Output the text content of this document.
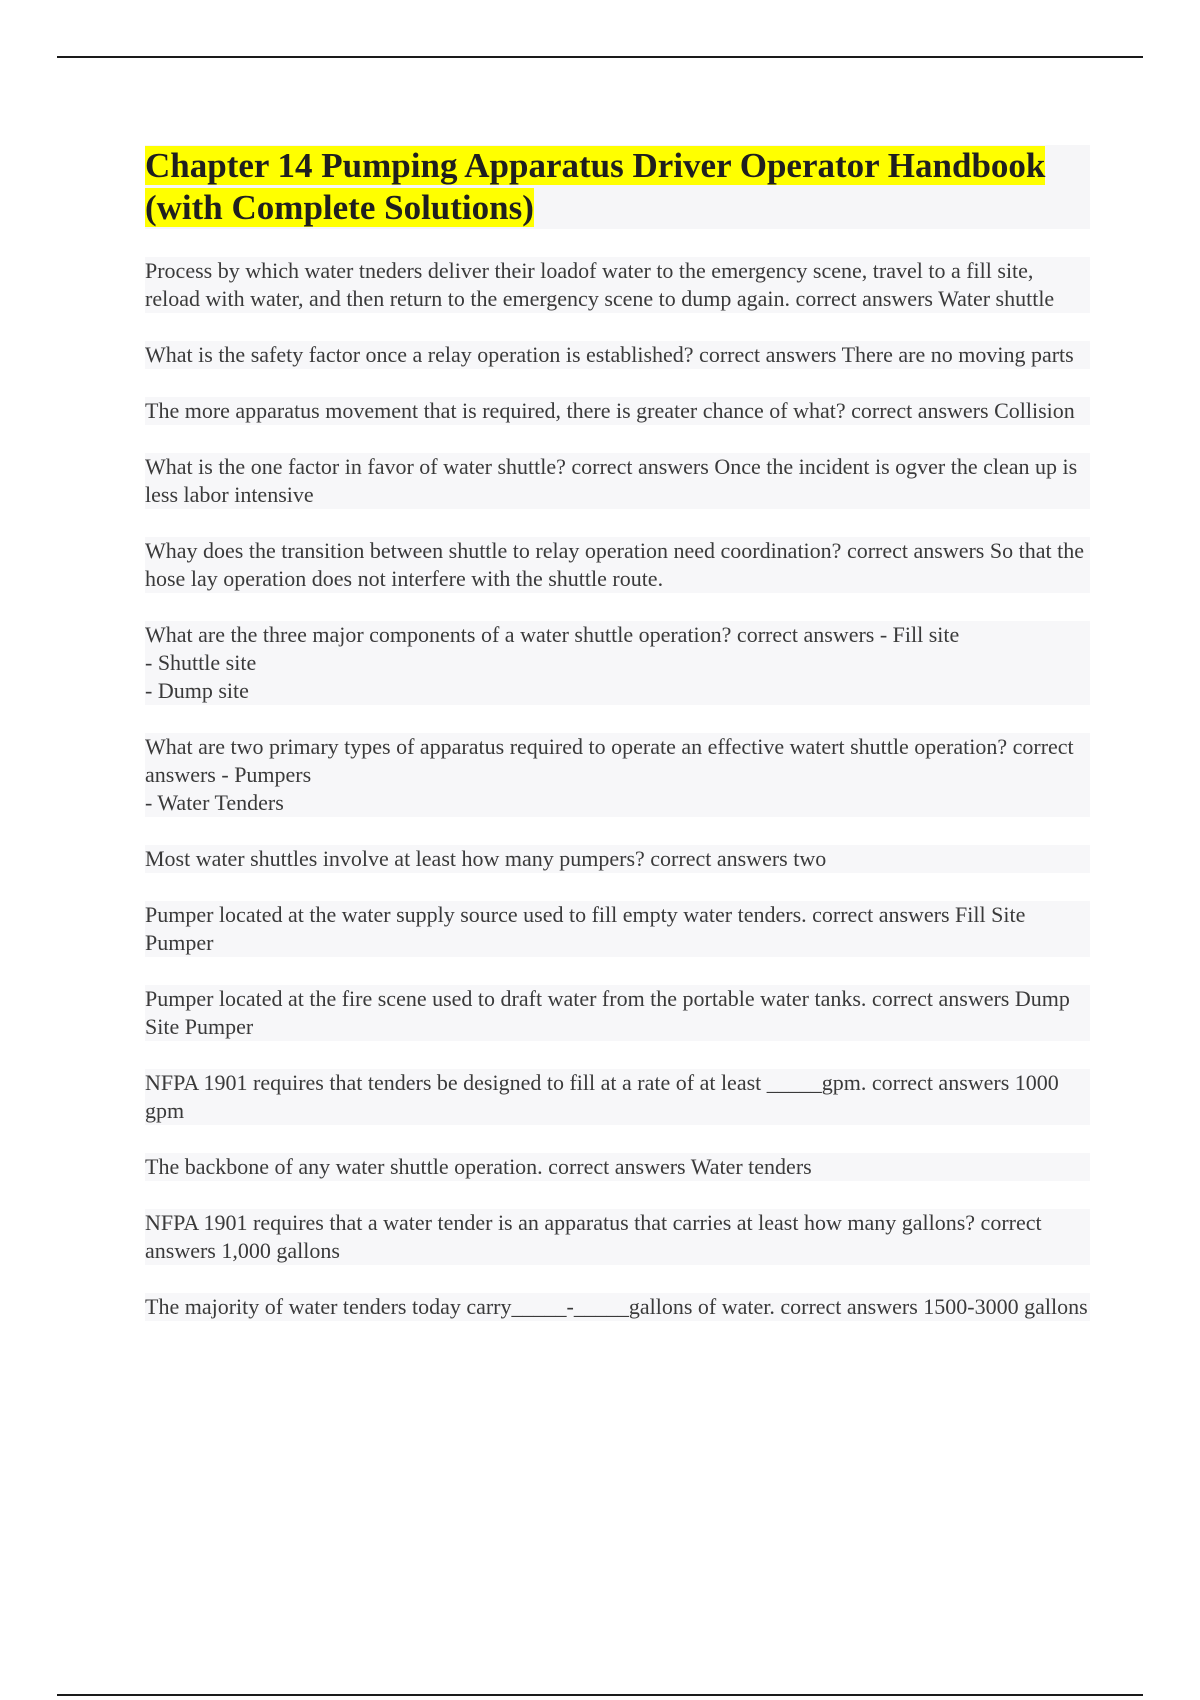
Chapter 14 Pumping Apparatus Driver Operator Handbook (with Complete Solutions)

Process by which water tneders deliver their loadof water to the emergency scene, travel to a fill site, reload with water, and then return to the emergency scene to dump again. correct answers Water shuttle

What is the safety factor once a relay operation is established? correct answers There are no moving parts

The more apparatus movement that is required, there is greater chance of what? correct answers Collision

What is the one factor in favor of water shuttle? correct answers Once the incident is ogver the clean up is less labor intensive

Whay does the transition between shuttle to relay operation need coordination? correct answers So that the hose lay operation does not interfere with the shuttle route.

What are the three major components of a water shuttle operation? correct answers - Fill site
- Shuttle site
- Dump site

What are two primary types of apparatus required to operate an effective watert shuttle operation? correct answers - Pumpers
- Water Tenders

Most water shuttles involve at least how many pumpers? correct answers two

Pumper located at the water supply source used to fill empty water tenders. correct answers Fill Site Pumper

Pumper located at the fire scene used to draft water from the portable water tanks. correct answers Dump Site Pumper

NFPA 1901 requires that tenders be designed to fill at a rate of at least _____gpm. correct answers 1000 gpm

The backbone of any water shuttle operation. correct answers Water tenders

NFPA 1901 requires that a water tender is an apparatus that carries at least how many gallons? correct answers 1,000 gallons

The majority of water tenders today carry_____-_____gallons of water. correct answers 1500-3000 gallons
